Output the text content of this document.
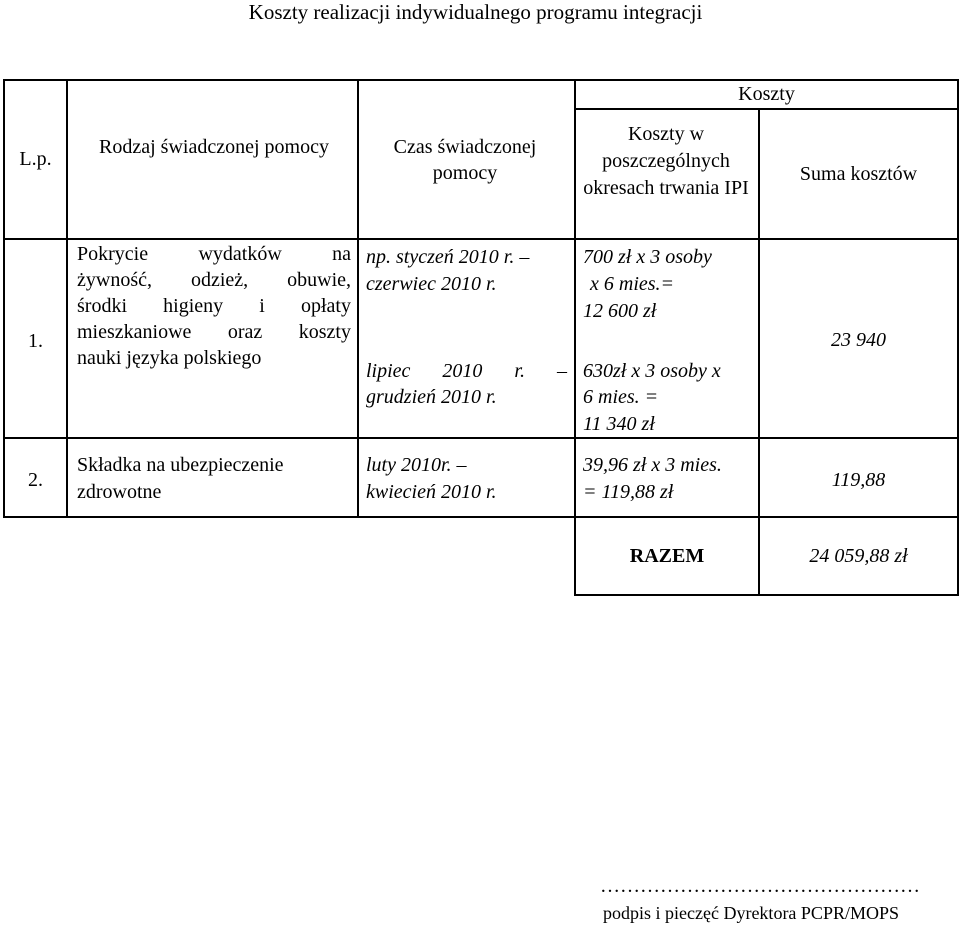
Koszty realizacji indywidualnego programu integracji
L.p.
Rodzaj świadczonej pomocy	Czas świadczonej pomocy
Koszty
Koszty w poszczególnych okresach trwania IPI
Suma kosztów
1.
Pokrycie wydatków na
żywność, odzież, obuwie,
środki higieny i opłaty
mieszkaniowe oraz koszty
nauki języka polskiego
np. styczeń 2010 r. –
czerwiec 2010 r.
lipiec 2010 r. –
grudzień 2010 r.
700 zł x 3 osoby
x 6 mies.=
12 600 zł
630zł x 3 osoby x
6 mies. =
11 340 zł
23 940
2.
Składka na ubezpieczenie
zdrowotne
luty 2010r. –
kwiecień 2010 r.
39,96 zł x 3 mies.
= 119,88 zł
119,88
RAZEM	24 059,88 zł
…………………………………………
podpis i pieczęć Dyrektora PCPR/MOPS
